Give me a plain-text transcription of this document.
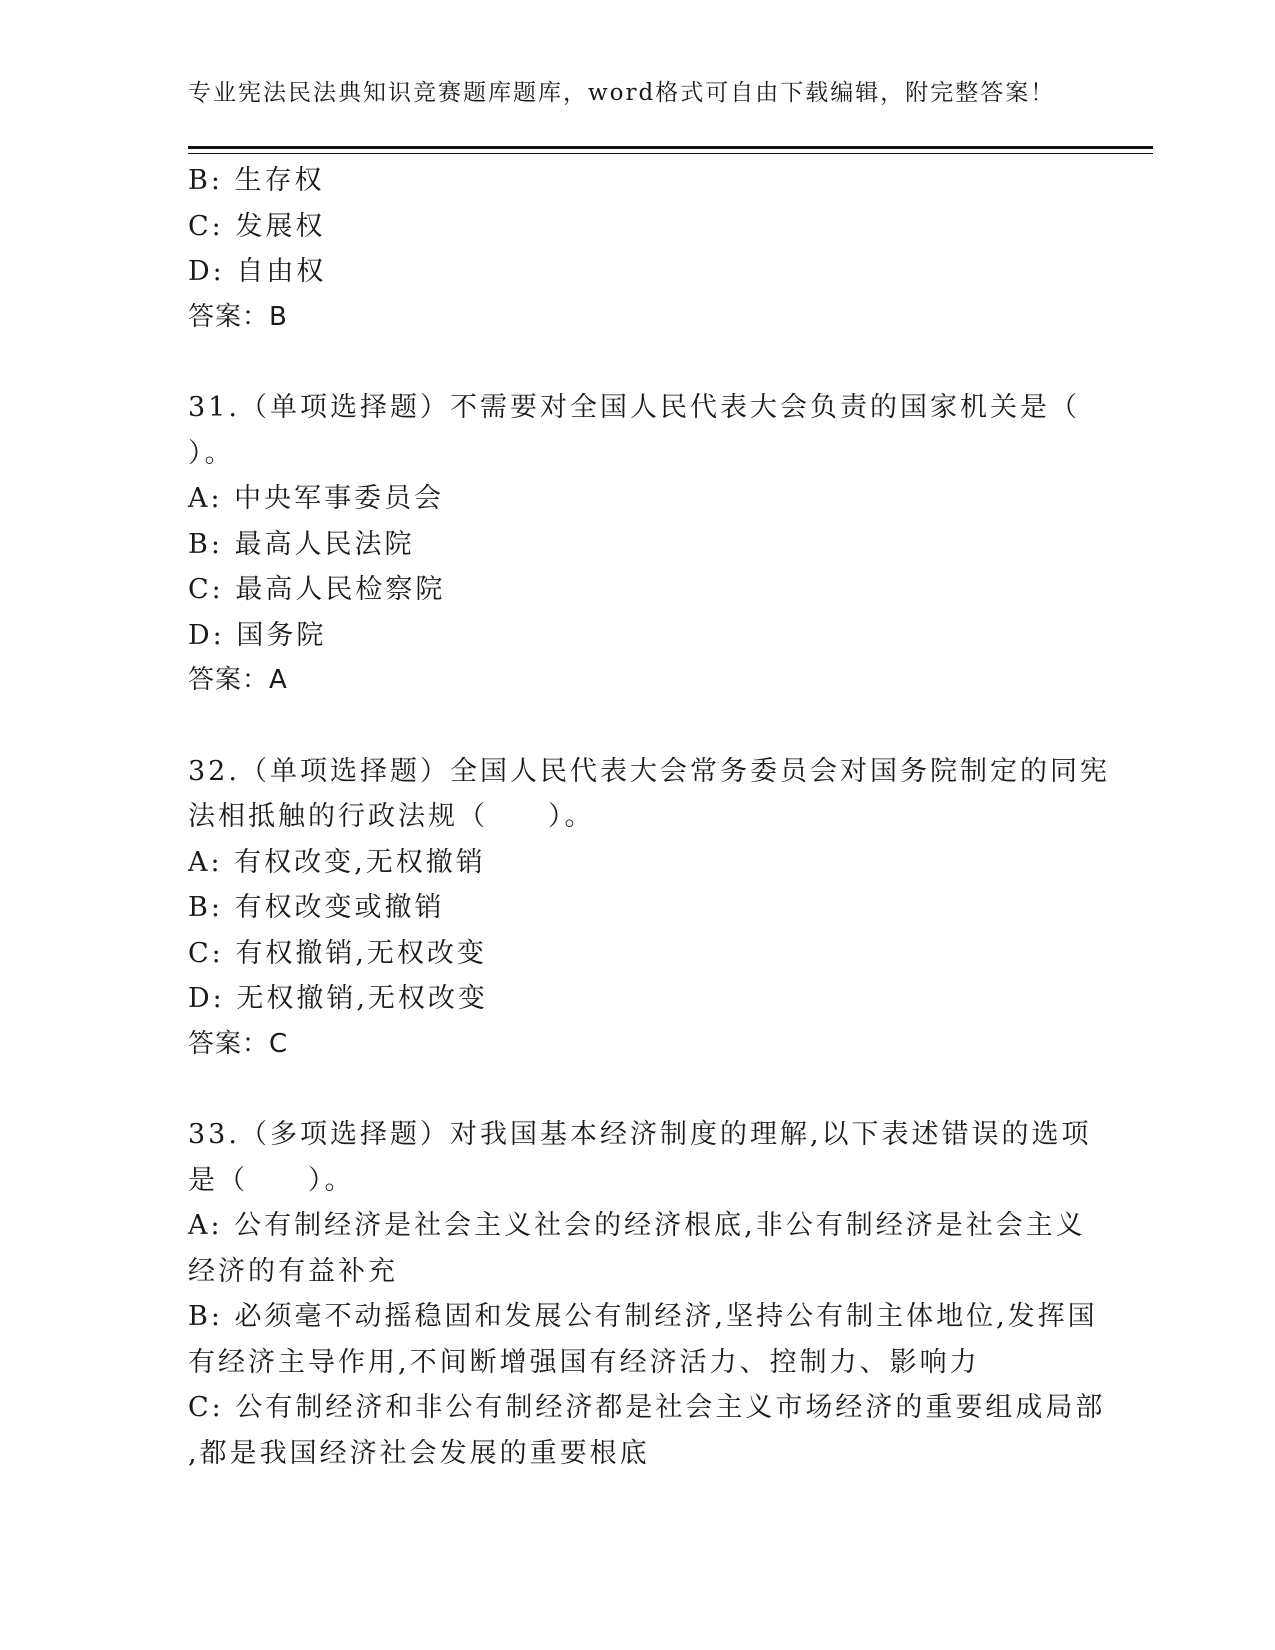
专业宪法民法典知识竞赛题库题库，word格式可自由下载编辑，附完整答案！
B: 生存权
C: 发展权
D: 自由权
答案：B
31.（单项选择题）不需要对全国人民代表大会负责的国家机关是（
）。
A: 中央军事委员会
B: 最高人民法院
C: 最高人民检察院
D: 国务院
答案：A
32.（单项选择题）全国人民代表大会常务委员会对国务院制定的同宪
法相抵触的行政法规（　　）。
A: 有权改变,无权撤销
B: 有权改变或撤销
C: 有权撤销,无权改变
D: 无权撤销,无权改变
答案：C
33.（多项选择题）对我国基本经济制度的理解,以下表述错误的选项
是（　　）。
A: 公有制经济是社会主义社会的经济根底,非公有制经济是社会主义
经济的有益补充
B: 必须毫不动摇稳固和发展公有制经济,坚持公有制主体地位,发挥国
有经济主导作用,不间断增强国有经济活力、控制力、影响力
C: 公有制经济和非公有制经济都是社会主义市场经济的重要组成局部
,都是我国经济社会发展的重要根底
